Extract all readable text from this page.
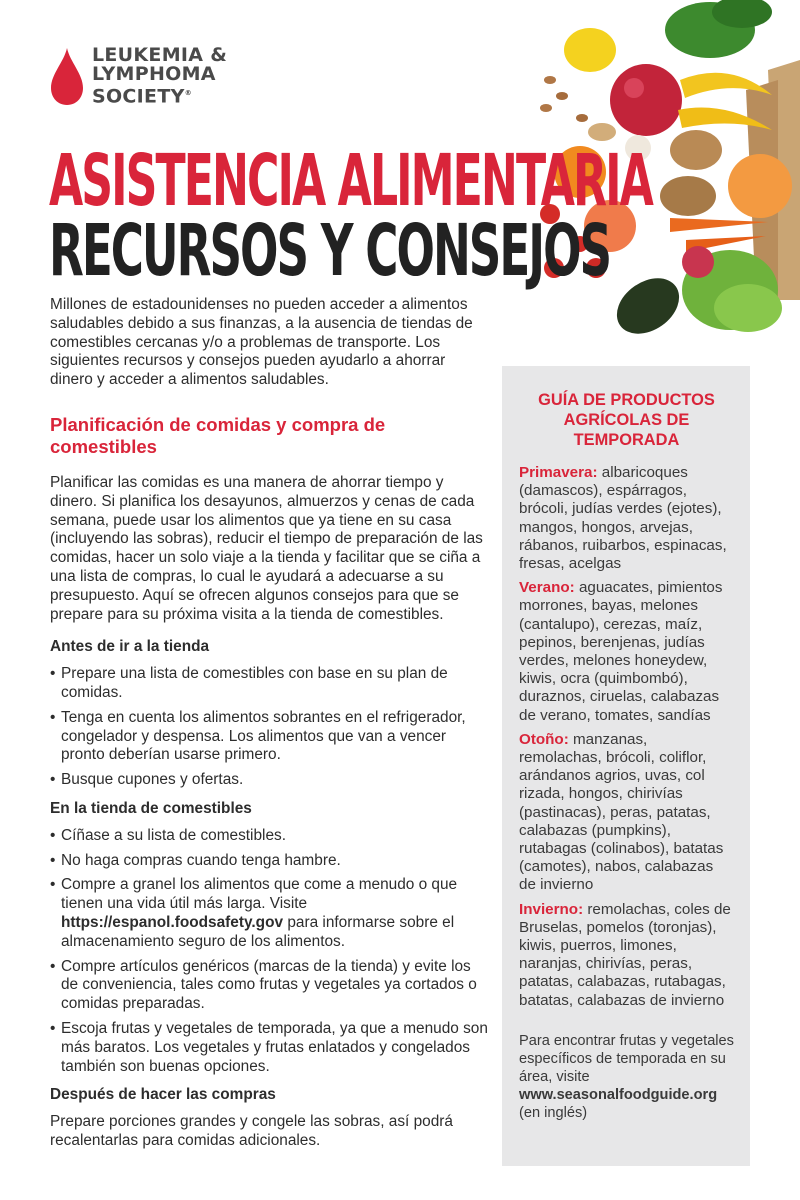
LEUKEMIA &
LYMPHOMA
SOCIETY®
ASISTENCIA ALIMENTARIA
RECURSOS Y CONSEJOS

Millones de estadounidenses no pueden acceder a alimentos saludables debido a sus finanzas, a la ausencia de tiendas de comestibles cercanas y/o a problemas de transporte. Los siguientes recursos y consejos pueden ayudarlo a ahorrar dinero y acceder a alimentos saludables.

Planificación de comidas y compra de comestibles

Planificar las comidas es una manera de ahorrar tiempo y dinero. Si planifica los desayunos, almuerzos y cenas de cada semana, puede usar los alimentos que ya tiene en su casa (incluyendo las sobras), reducir el tiempo de preparación de las comidas, hacer un solo viaje a la tienda y facilitar que se ciña a una lista de compras, lo cual le ayudará a adecuarse a su presupuesto. Aquí se ofrecen algunos consejos para que se prepare para su próxima visita a la tienda de comestibles.

Antes de ir a la tienda
• Prepare una lista de comestibles con base en su plan de comidas.
• Tenga en cuenta los alimentos sobrantes en el refrigerador, congelador y despensa. Los alimentos que van a vencer pronto deberían usarse primero.
• Busque cupones y ofertas.
En la tienda de comestibles
• Cíñase a su lista de comestibles.
• No haga compras cuando tenga hambre.
• Compre a granel los alimentos que come a menudo o que tienen una vida útil más larga. Visite https://espanol.foodsafety.gov para informarse sobre el almacenamiento seguro de los alimentos.
• Compre artículos genéricos (marcas de la tienda) y evite los de conveniencia, tales como frutas y vegetales ya cortados o comidas preparadas.
• Escoja frutas y vegetales de temporada, ya que a menudo son más baratos. Los vegetales y frutas enlatados y congelados también son buenas opciones.
Después de hacer las compras

Prepare porciones grandes y congele las sobras, así podrá recalentarlas para comidas adicionales.

GUÍA DE PRODUCTOS AGRÍCOLAS DE TEMPORADA

Primavera: albaricoques (damascos), espárragos, brócoli, judías verdes (ejotes), mangos, hongos, arvejas, rábanos, ruibarbos, espinacas, fresas, acelgas

Verano: aguacates, pimientos morrones, bayas, melones (cantalupo), cerezas, maíz, pepinos, berenjenas, judías verdes, melones honeydew, kiwis, ocra (quimbombó), duraznos, ciruelas, calabazas de verano, tomates, sandías

Otoño: manzanas, remolachas, brócoli, coliflor, arándanos agrios, uvas, col rizada, hongos, chirivías (pastinacas), peras, patatas, calabazas (pumpkins), rutabagas (colinabos), batatas (camotes), nabos, calabazas de invierno

Invierno: remolachas, coles de Bruselas, pomelos (toronjas), kiwis, puerros, limones, naranjas, chirivías, peras, patatas, calabazas, rutabagas, batatas, calabazas de invierno

Para encontrar frutas y vegetales específicos de temporada en su área, visite
www.seasonalfoodguide.org
(en inglés)
